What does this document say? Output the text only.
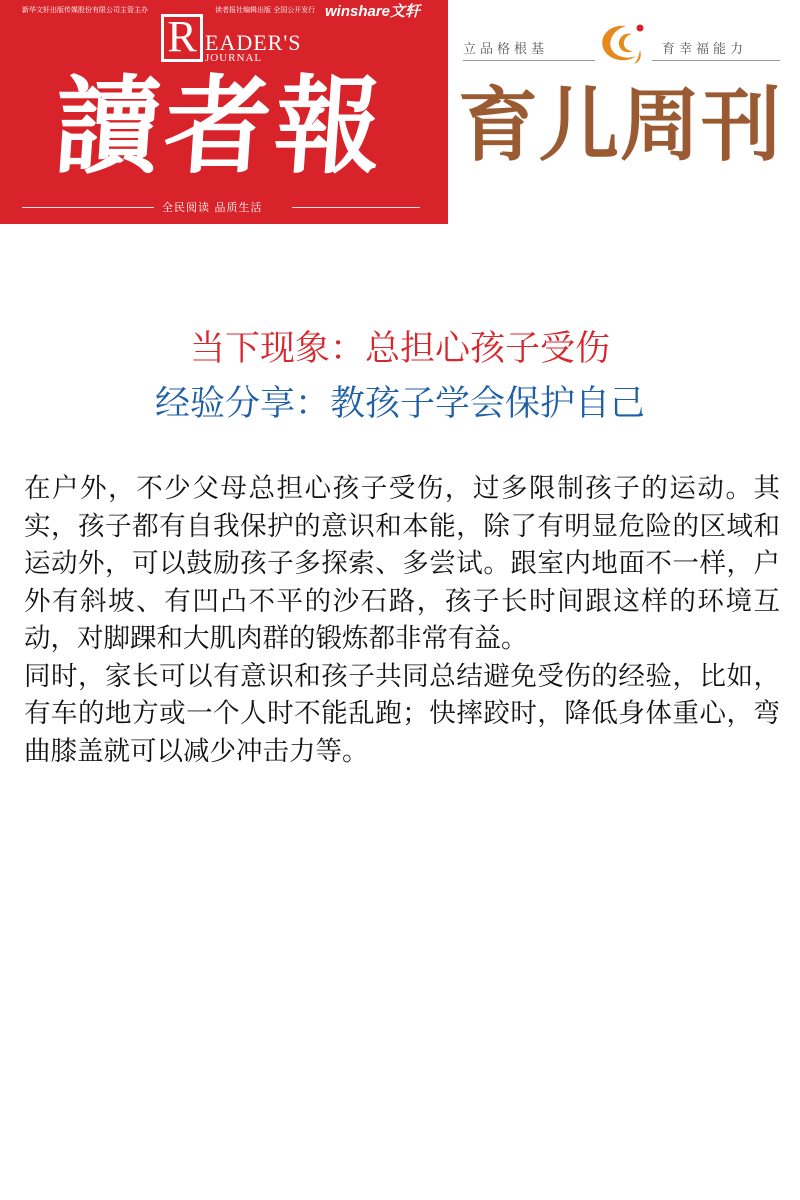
新华文轩出版传媒股份有限公司主管主办	读者报社编辑出版 全国公开发行 winshare文轩
R EADER'S
JOURNAL
讀者報
全民阅读 品质生活
立品格根基	育幸福能力
育儿周刊
当下现象：总担心孩子受伤
经验分享：教孩子学会保护自己

在户外，不少父母总担心孩子受伤，过多限制孩子的运动。其实，孩子都有自我保护的意识和本能，除了有明显危险的区域和运动外，可以鼓励孩子多探索、多尝试。跟室内地面不一样，户外有斜坡、有凹凸不平的沙石路，孩子长时间跟这样的环境互动，对脚踝和大肌肉群的锻炼都非常有益。

同时，家长可以有意识和孩子共同总结避免受伤的经验，比如，有车的地方或一个人时不能乱跑；快摔跤时，降低身体重心，弯曲膝盖就可以减少冲击力等。
